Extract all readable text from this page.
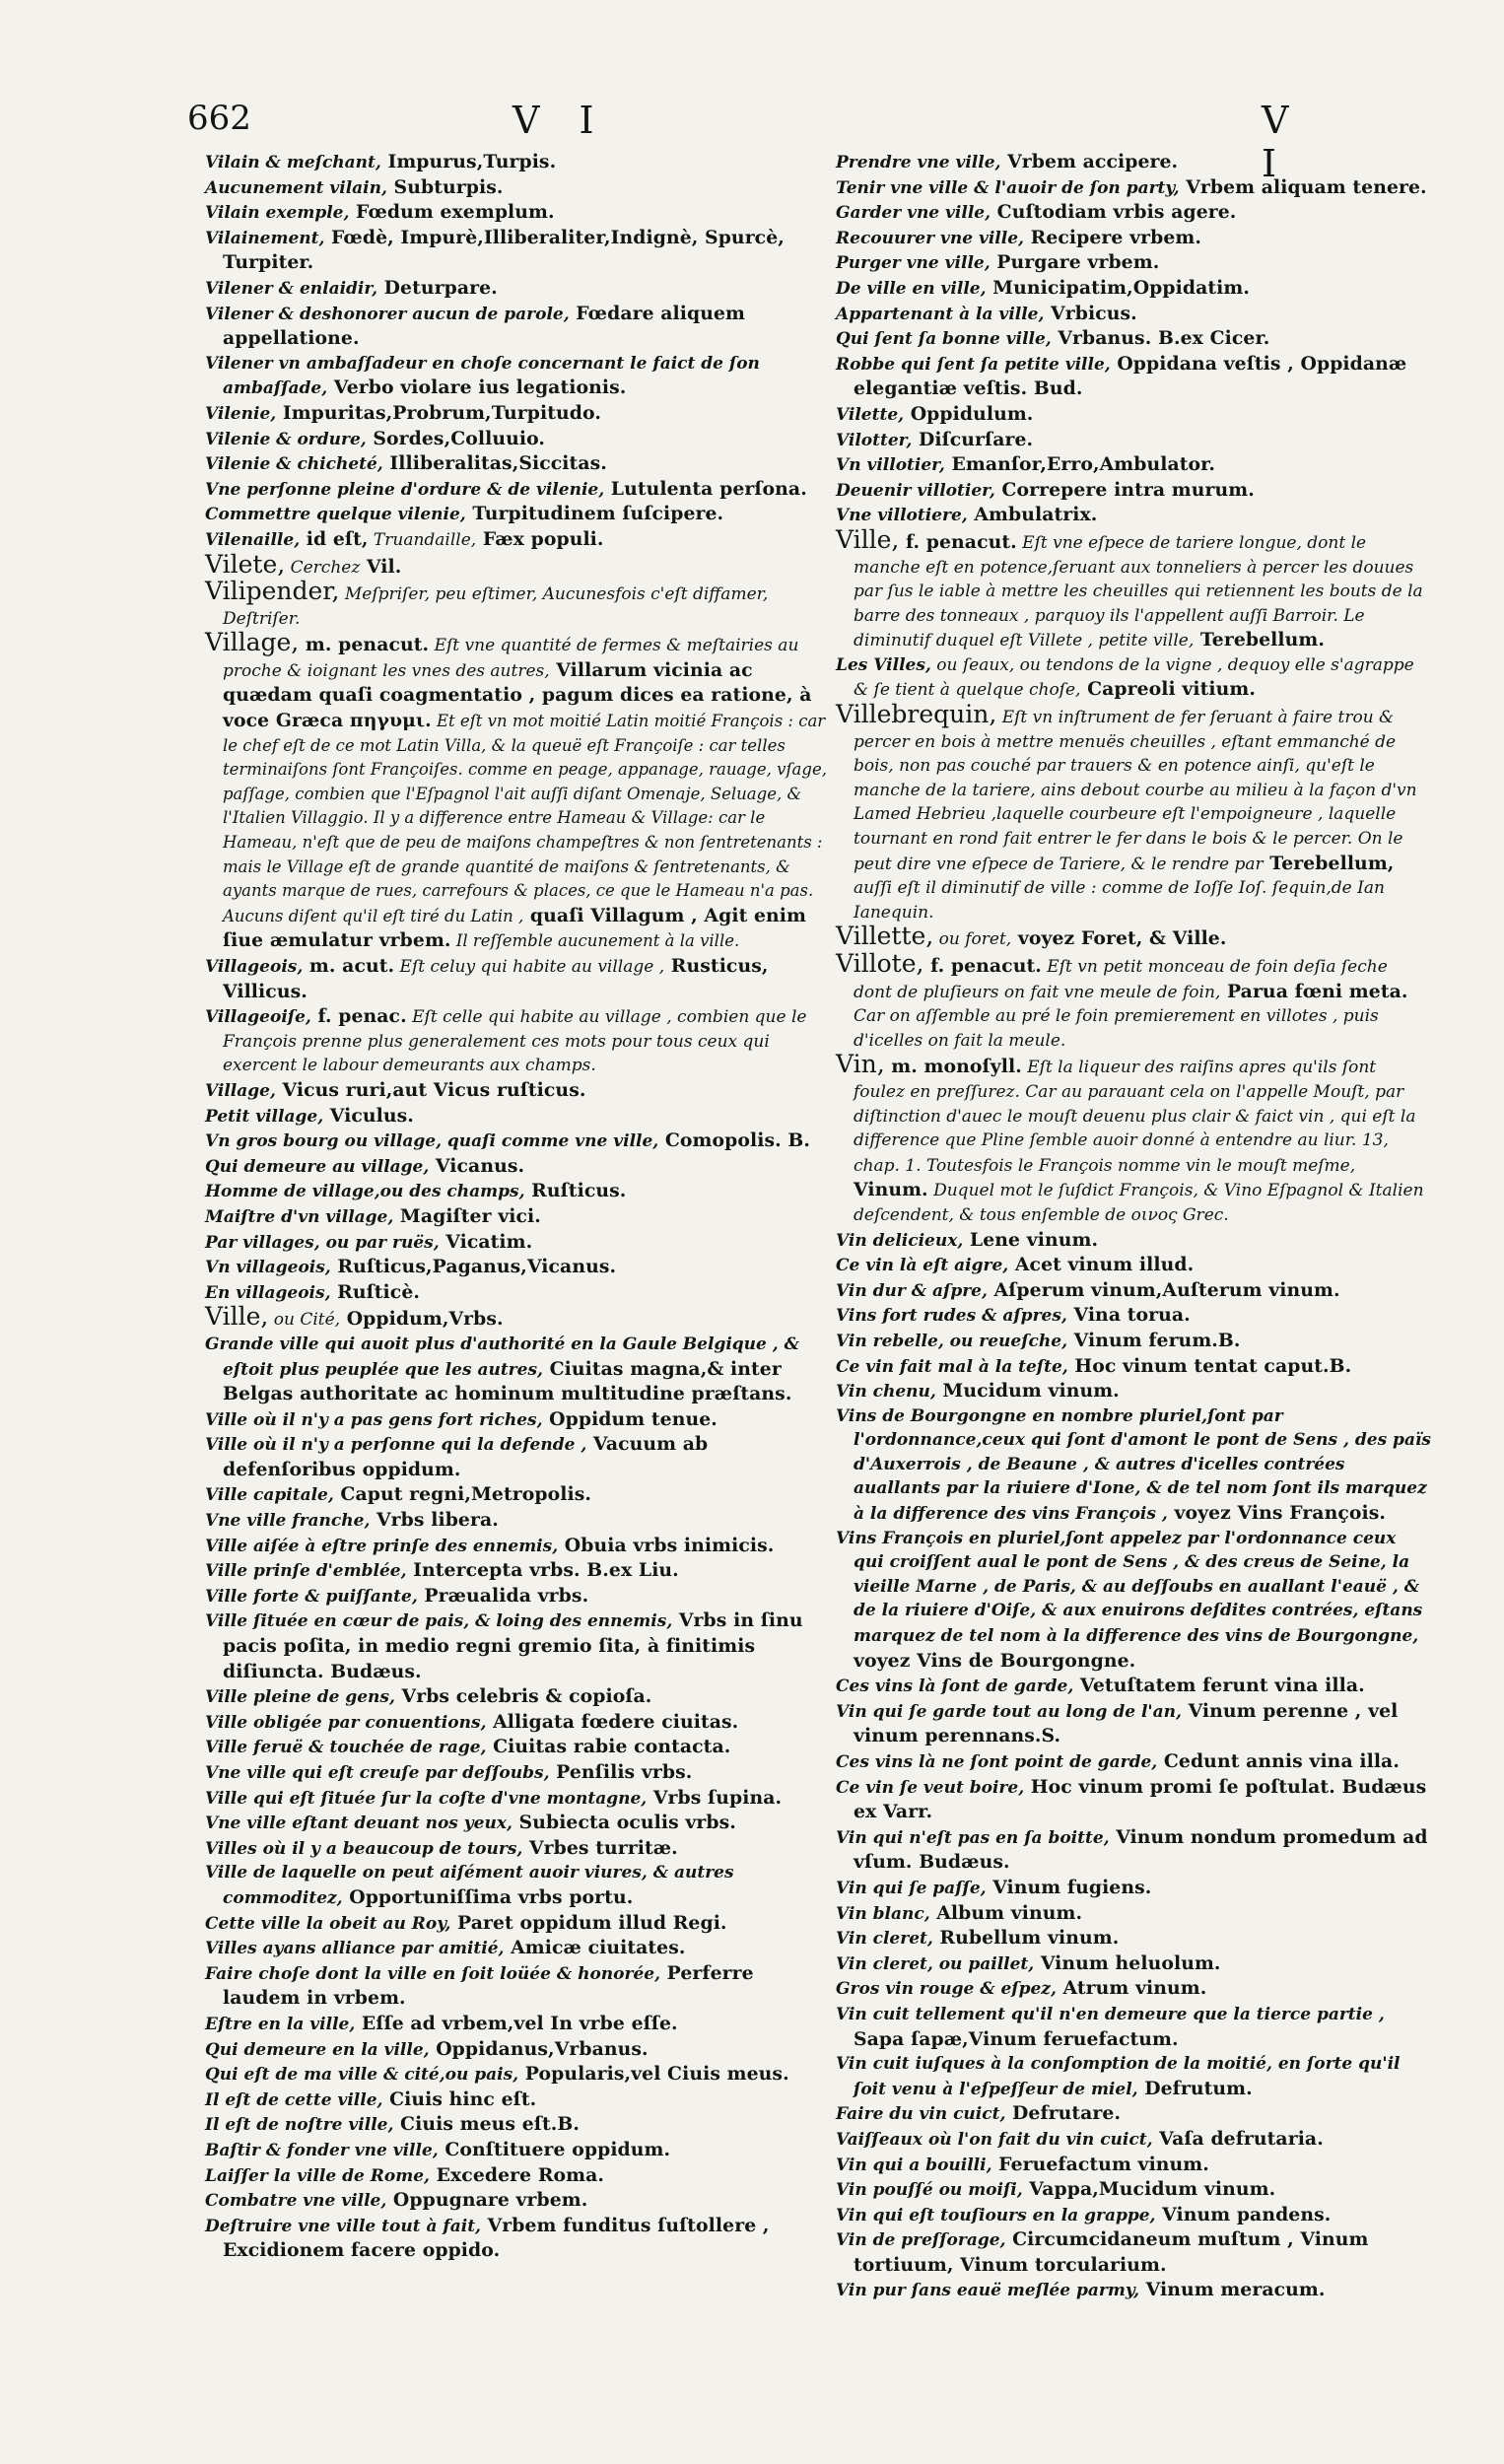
662	V I	V I

Vilain & meſchant, Impurus,Turpis.

Aucunement vilain, Subturpis.

Vilain exemple, Fœdum exemplum.

Vilainement, Fœdè, Impurè,Illiberaliter,Indignè, Spurcè, Turpiter.

Vilener & enlaidir, Deturpare.

Vilener & deshonorer aucun de parole, Fœdare aliquem appellatione.

Vilener vn ambaſſadeur en choſe concernant le faict de ſon ambaſſade, Verbo violare ius legationis.

Vilenie, Impuritas,Probrum,Turpitudo.

Vilenie & ordure, Sordes,Colluuio.

Vilenie & chicheté, Illiberalitas,Siccitas.

Vne perſonne pleine d'ordure & de vilenie, Lutulenta perſona.

Commettre quelque vilenie, Turpitudinem ſuſcipere.

Vilenaille, id eſt, Truandaille, Fæx populi.

Vilete, Cerchez Vil.

Vilipender, Meſpriſer, peu eſtimer, Aucunesfois c'eſt diffamer, Deſtriſer.

Village, m. penacut. Eſt vne quantité de fermes & meſtairies au proche & ioignant les vnes des autres, Villarum vicinia ac quædam quaſi coagmentatio , pagum dices ea ratione, à voce Græca πηγυμι. Et eſt vn mot moitié Latin moitié François : car le chef eſt de ce mot Latin Villa, & la queuë eſt Françoiſe : car telles terminaiſons ſont Françoiſes. comme en peage, appanage, rauage, vſage, paſſage, combien que l'Eſpagnol l'ait auſſi diſant Omenaje, Seluage, & l'Italien Villaggio. Il y a difference entre Hameau & Village: car le Hameau, n'eſt que de peu de maiſons champeſtres & non ſentretenants : mais le Village eſt de grande quantité de maiſons & ſentretenants, & ayants marque de rues, carrefours & places, ce que le Hameau n'a pas. Aucuns diſent qu'il eſt tiré du Latin , quaſi Villagum , Agit enim ſiue æmulatur vrbem. Il reſſemble aucunement à la ville.

Villageois, m. acut. Eſt celuy qui habite au village , Rusticus, Villicus.

Villageoiſe, f. penac. Eſt celle qui habite au village , combien que le François prenne plus generalement ces mots pour tous ceux qui exercent le labour demeurants aux champs.

Village, Vicus ruri,aut Vicus ruſticus.

Petit village, Viculus.

Vn gros bourg ou village, quaſi comme vne ville, Comopolis. B.

Qui demeure au village, Vicanus.

Homme de village,ou des champs, Ruſticus.

Maiſtre d'vn village, Magiſter vici.

Par villages, ou par ruës, Vicatim.

Vn villageois, Ruſticus,Paganus,Vicanus.

En villageois, Ruſticè.

Ville, ou Cité, Oppidum,Vrbs.

Grande ville qui auoit plus d'authorité en la Gaule Belgique , & eſtoit plus peuplée que les autres, Ciuitas magna,& inter Belgas authoritate ac hominum multitudine præſtans.

Ville où il n'y a pas gens fort riches, Oppidum tenue.

Ville où il n'y a perſonne qui la defende , Vacuum ab defenſoribus oppidum.

Ville capitale, Caput regni,Metropolis.

Vne ville franche, Vrbs libera.

Ville aiſée à eſtre prinſe des ennemis, Obuia vrbs inimicis.

Ville prinſe d'emblée, Intercepta vrbs. B.ex Liu.

Ville forte & puiſſante, Præualida vrbs.

Ville ſituée en cœur de pais, & loing des ennemis, Vrbs in ſinu pacis poſita, in medio regni gremio ſita, à finitimis diſiuncta. Budæus.

Ville pleine de gens, Vrbs celebris & copioſa.

Ville obligée par conuentions, Alligata fœdere ciuitas.

Ville feruë & touchée de rage, Ciuitas rabie contacta.

Vne ville qui eſt creuſe par deſſoubs, Penſilis vrbs.

Ville qui eſt ſituée ſur la coſte d'vne montagne, Vrbs ſupina.

Vne ville eſtant deuant nos yeux, Subiecta oculis vrbs.

Villes où il y a beaucoup de tours, Vrbes turritæ.

Ville de laquelle on peut aiſément auoir viures, & autres commoditez, Opportuniſſima vrbs portu.

Cette ville la obeit au Roy, Paret oppidum illud Regi.

Villes ayans alliance par amitié, Amicæ ciuitates.

Faire choſe dont la ville en ſoit loüée & honorée, Perferre laudem in vrbem.

Eſtre en la ville, Eſſe ad vrbem,vel In vrbe eſſe.

Qui demeure en la ville, Oppidanus,Vrbanus.

Qui eſt de ma ville & cité,ou pais, Popularis,vel Ciuis meus.

Il eſt de cette ville, Ciuis hinc eſt.

Il eſt de noſtre ville, Ciuis meus eſt.B.

Baſtir & fonder vne ville, Conſtituere oppidum.

Laiſſer la ville de Rome, Excedere Roma.

Combatre vne ville, Oppugnare vrbem.

Deſtruire vne ville tout à fait, Vrbem funditus ſuſtollere , Excidionem facere oppido.

Prendre vne ville, Vrbem accipere.

Tenir vne ville & l'auoir de ſon party, Vrbem aliquam tenere.

Garder vne ville, Cuſtodiam vrbis agere.

Recouurer vne ville, Recipere vrbem.

Purger vne ville, Purgare vrbem.

De ville en ville, Municipatim,Oppidatim.

Appartenant à la ville, Vrbicus.

Qui ſent ſa bonne ville, Vrbanus. B.ex Cicer.

Robbe qui ſent ſa petite ville, Oppidana veſtis , Oppidanæ elegantiæ veſtis. Bud.

Vilette, Oppidulum.

Vilotter, Diſcurſare.

Vn villotier, Emanſor,Erro,Ambulator.

Deuenir villotier, Correpere intra murum.

Vne villotiere, Ambulatrix.

Ville, f. penacut. Eſt vne eſpece de tariere longue, dont le manche eſt en potence,ſeruant aux tonneliers à percer les douues par ſus le iable à mettre les cheuilles qui retiennent les bouts de la barre des tonneaux , parquoy ils l'appellent auſſi Barroir. Le diminutif duquel eſt Villete , petite ville, Terebellum.

Les Villes, ou ſeaux, ou tendons de la vigne , dequoy elle s'agrappe & ſe tient à quelque choſe, Capreoli vitium.

Villebrequin, Eſt vn inſtrument de fer ſeruant à faire trou & percer en bois à mettre menuës cheuilles , eſtant emmanché de bois, non pas couché par trauers & en potence ainſi, qu'eſt le manche de la tariere, ains debout courbe au milieu à la façon d'vn Lamed Hebrieu ,laquelle courbeure eſt l'empoigneure , laquelle tournant en rond fait entrer le fer dans le bois & le percer. On le peut dire vne eſpece de Tariere, & le rendre par Terebellum, auſſi eſt il diminutif de ville : comme de Ioſſe Ioſ. ſequin,de Ian Ianequin.

Villette, ou foret, voyez Foret, & Ville.

Villote, f. penacut. Eſt vn petit monceau de foin deſia ſeche dont de pluſieurs on fait vne meule de foin, Parua fœni meta. Car on aſſemble au pré le foin premierement en villotes , puis d'icelles on fait la meule.

Vin, m. monoſyll. Eſt la liqueur des raiſins apres qu'ils ſont foulez en preſſurez. Car au parauant cela on l'appelle Mouſt, par diſtinction d'auec le mouſt deuenu plus clair & faict vin , qui eſt la difference que Pline ſemble auoir donné à entendre au liur. 13, chap. 1. Toutesfois le François nomme vin le mouſt meſme, Vinum. Duquel mot le ſuſdict François, & Vino Eſpagnol & Italien deſcendent, & tous enſemble de οινος Grec.

Vin delicieux, Lene vinum.

Ce vin là eſt aigre, Acet vinum illud.

Vin dur & aſpre, Aſperum vinum,Auſterum vinum.

Vins fort rudes & aſpres, Vina torua.

Vin rebelle, ou reueſche, Vinum ferum.B.

Ce vin fait mal à la teſte, Hoc vinum tentat caput.B.

Vin chenu, Mucidum vinum.

Vins de Bourgongne en nombre pluriel,ſont par l'ordonnance,ceux qui ſont d'amont le pont de Sens , des païs d'Auxerrois , de Beaune , & autres d'icelles contrées auallants par la riuiere d'Ione, & de tel nom ſont ils marquez à la difference des vins François , voyez Vins François.

Vins François en pluriel,ſont appelez par l'ordonnance ceux qui croiſſent aual le pont de Sens , & des creus de Seine, la vieille Marne , de Paris, & au deſſoubs en auallant l'eauë , & de la riuiere d'Oiſe, & aux enuirons deſdites contrées, eſtans marquez de tel nom à la difference des vins de Bourgongne, voyez Vins de Bourgongne.

Ces vins là ſont de garde, Vetuſtatem ferunt vina illa.

Vin qui ſe garde tout au long de l'an, Vinum perenne , vel vinum perennans.S.

Ces vins là ne ſont point de garde, Cedunt annis vina illa.

Ce vin ſe veut boire, Hoc vinum promi ſe poſtulat. Budæus ex Varr.

Vin qui n'eſt pas en ſa boitte, Vinum nondum promedum ad vſum. Budæus.

Vin qui ſe paſſe, Vinum fugiens.

Vin blanc, Album vinum.

Vin cleret, Rubellum vinum.

Vin cleret, ou paillet, Vinum heluolum.

Gros vin rouge & eſpez, Atrum vinum.

Vin cuit tellement qu'il n'en demeure que la tierce partie , Sapa ſapæ,Vinum feruefactum.

Vin cuit iuſques à la conſomption de la moitié, en ſorte qu'il ſoit venu à l'eſpeſſeur de miel, Defrutum.

Faire du vin cuict, Defrutare.

Vaiſſeaux où l'on fait du vin cuict, Vaſa defrutaria.

Vin qui a bouilli, Feruefactum vinum.

Vin pouſſé ou moiſi, Vappa,Mucidum vinum.

Vin qui eſt touſiours en la grappe, Vinum pandens.

Vin de preſſorage, Circumcidaneum muſtum , Vinum tortiuum, Vinum torcularium.

Vin pur ſans eauë meſlée parmy, Vinum meracum.
